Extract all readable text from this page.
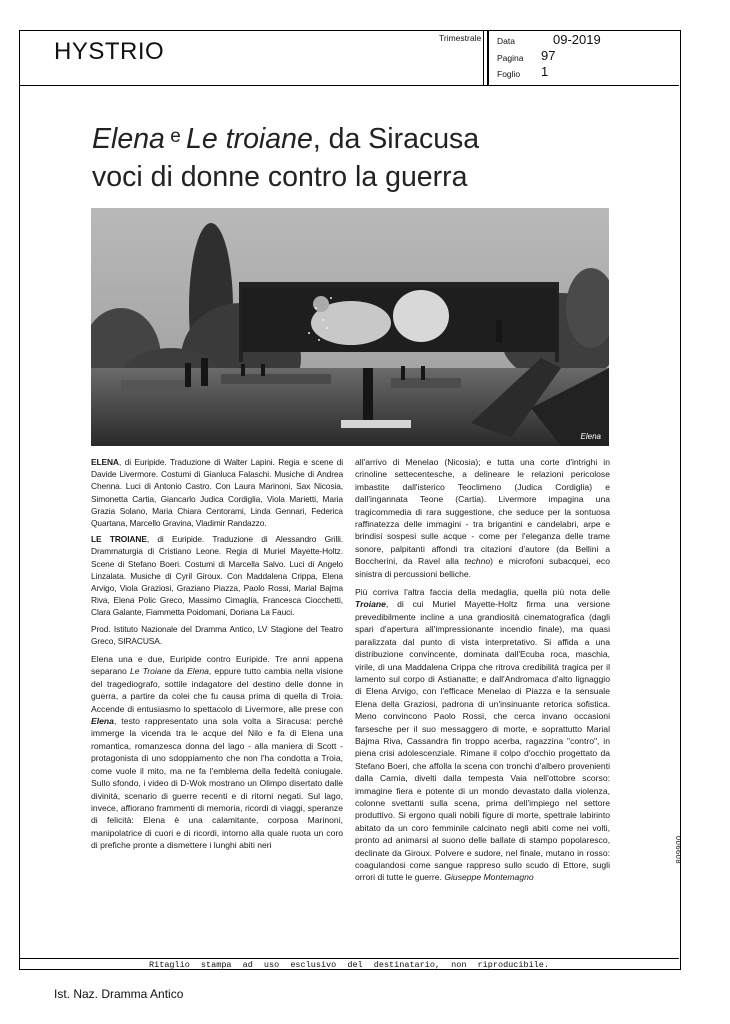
HYSTRIO	Trimestrale Data	09-2019
Pagina 97
Foglio 1
Elena $^e$ Le troiane, da Siracusa
voci di donne contro la guerra
Elena

ELENA, di Euripide. Traduzione di Walter Lapini. Regia e scene di Davide Livermore. Costumi di Gianluca Falaschi. Musiche di Andrea Chenna. Luci di Antonio Castro. Con Laura Marinoni, Sax Nicosia, Simonetta Cartia, Giancarlo Judica Cordiglia, Viola Marietti, Maria Grazia Solano, Maria Chiara Centorami, Linda Gennari, Federica Quartana, Marcello Gravina, Vladimir Randazzo.

LE TROIANE, di Euripide. Traduzione di Alessandro Grilli. Drammaturgia di Cristiano Leone. Regia di Muriel Mayette-Holtz. Scene di Stefano Boeri. Costumi di Marcella Salvo. Luci di Angelo Linzalata. Musiche di Cyril Giroux. Con Maddalena Crippa, Elena Arvigo, Viola Graziosi, Graziano Piazza, Paolo Rossi, Marial Bajma Riva, Elena Polic Greco, Massimo Cimaglia, Francesca Ciocchetti, Clara Galante, Fiammetta Poidomani, Doriana La Fauci.

Prod. Istituto Nazionale del Dramma Antico, LV Stagione del Teatro Greco, SIRACUSA.

Elena una e due, Euripide contro Euripide. Tre anni appena separano Le Troiane da Elena, eppure tutto cambia nella visione del tragediografo, sottile indagatore del destino delle donne in guerra, a partire da colei che fu causa prima di quella di Troia. Accende di entusiasmo lo spettacolo di Livermore, alle prese con Elena, testo rappresentato una sola volta a Siracusa: perché immerge la vicenda tra le acque del Nilo e fa di Elena una romantica, romanzesca donna del lago - alla maniera di Scott - protagonista di uno sdoppiamento che non l'ha condotta a Troia, come vuole il mito, ma ne fa l'emblema della fedeltà coniugale. Sullo sfondo, i video di D-Wok mostrano un Olimpo disertato dalle divinità, scenario di guerre recenti e di ritorni negati. Sul lago, invece, affiorano frammenti di memoria, ricordi di viaggi, speranze di felicità: Elena è una calamitante, corposa Marinoni, manipolatrice di cuori e di ricordi, intorno alla quale ruota un coro di prefiche pronte a dismettere i lunghi abiti neri

all'arrivo di Menelao (Nicosia); e tutta una corte d'intrighi in crinoline settecentesche, a delineare le relazioni pericolose imbastite dall'isterico Teoclimeno (Judica Cordiglia) e dall'ingannata Teone (Cartia). Livermore impagina una tragicommedia di rara suggestione, che seduce per la sontuosa raffinatezza delle immagini - tra brigantini e candelabri, arpe e brindisi sospesi sulle acque - come per l'eleganza delle trame sonore, palpitanti affondi tra citazioni d'autore (da Bellini a Boccherini, da Ravel alla techno) e microfoni subacquei, eco sinistra di percussioni belliche.

Più corriva l'altra faccia della medaglia, quella più nota delle Troiane, di cui Muriel Mayette-Holtz firma una versione prevedibilmente incline a una grandiosità cinematografica (dagli spari d'apertura all'impressionante incendio finale), ma quasi paralizzata dal punto di vista interpretativo. Si affida a una distribuzione convincente, dominata dall'Ecuba roca, maschia, virile, di una Maddalena Crippa che ritrova credibilità tragica per il lamento sul corpo di Astianatte; e dall'Andromaca d'alto lignaggio di Elena Arvigo, con l'efficace Menelao di Piazza e la sensuale Elena della Graziosi, padrona di un'insinuante retorica sofistica. Meno convincono Paolo Rossi, che cerca invano occasioni farsesche per il suo messaggero di morte, e soprattutto Marial Bajma Riva, Cassandra fin troppo acerba, ragazzina "contro", in piena crisi adolescenziale. Rimane il colpo d'occhio progettato da Stefano Boeri, che affolla la scena con tronchi d'albero provenienti dalla Carnia, divelti dalla tempesta Vaia nell'ottobre scorso: immagine fiera e potente di un mondo devastato dalla violenza, colonne svettanti sulla scena, prima dell'impiego nel settore produttivo. Si ergono quali nobili figure di morte, spettrale labirinto abitato da un coro femminile calcinato negli abiti come nei volti, pronto ad animarsi al suono delle ballate di stampo popolaresco, declinate da Giroux. Polvere e sudore, nel finale, mutano in rosso: coagulandosi come sangue rappreso sullo scudo di Ettore, sugli orrori di tutte le guerre. Giuseppe Montemagno

Ritaglio stampa ad uso esclusivo del destinatario, non riproducibile.
Ist. Naz. Dramma Antico
006608
